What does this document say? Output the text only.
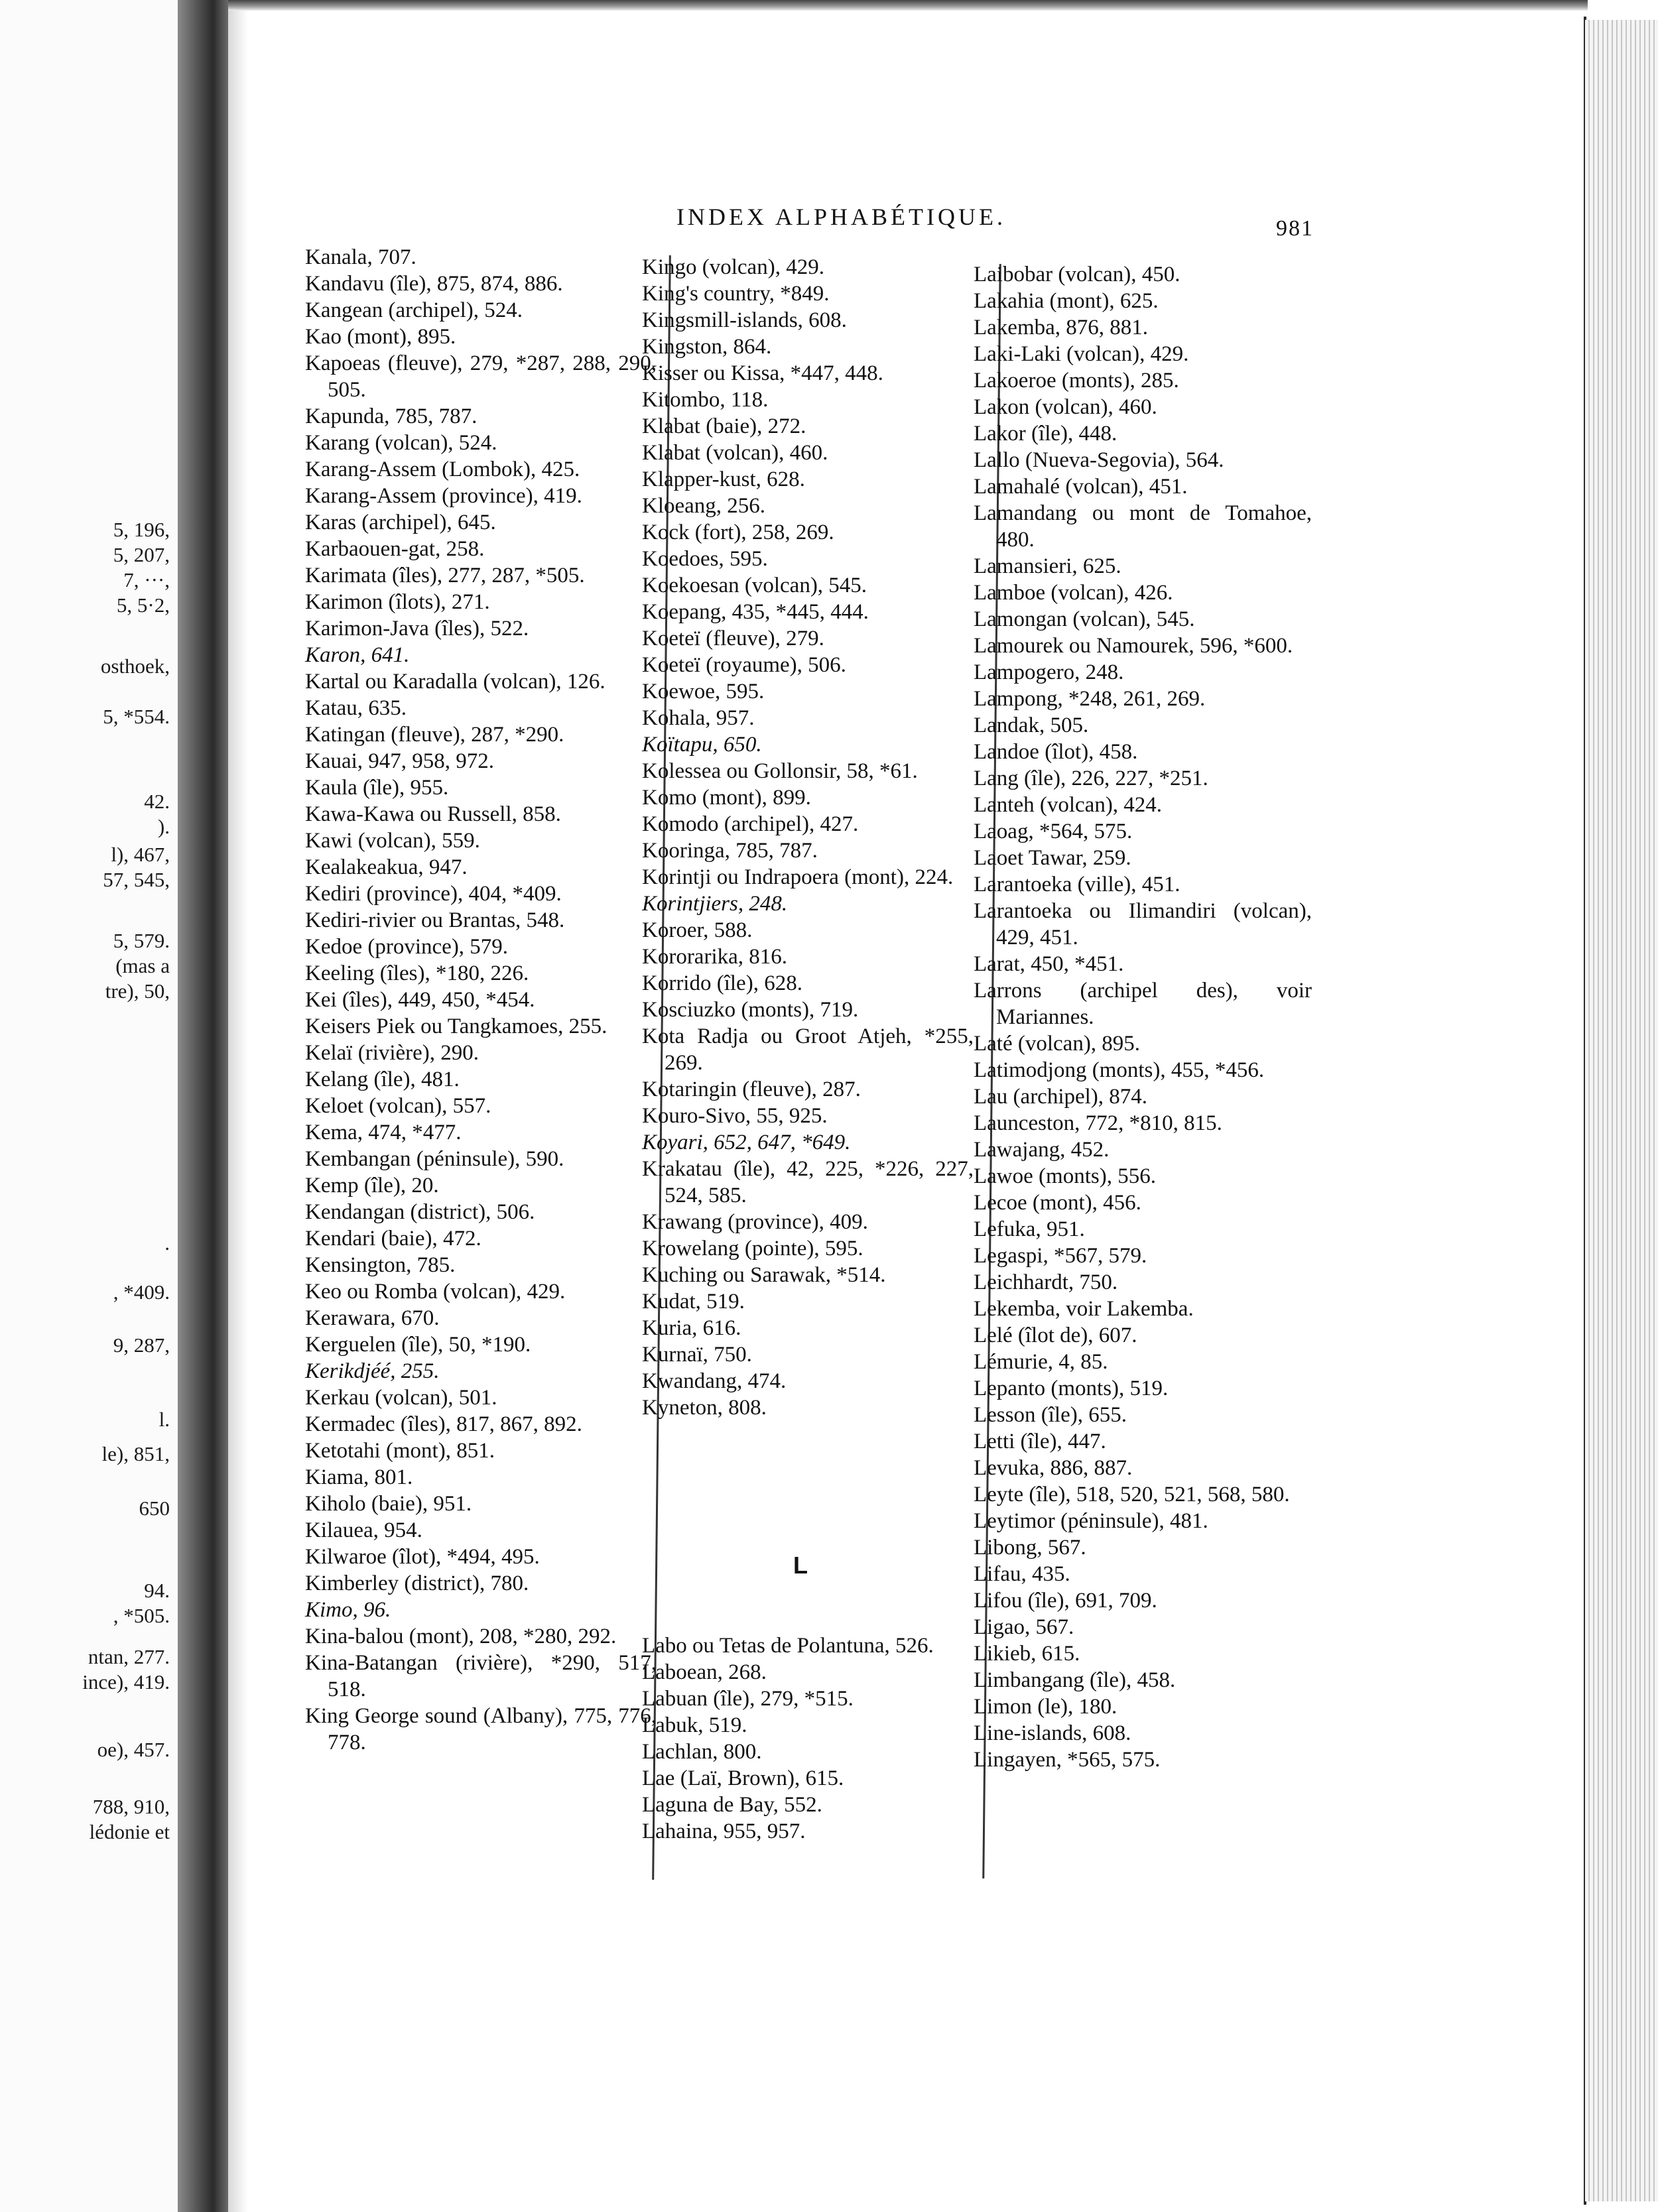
5, 196,
5, 207,
7, ···,
5, 5·2,
osthoek,
5, *554.
42.
).
l), 467,
57, 545,
5, 579.
(mas a
tre), 50,
.
, *409.
9, 287,
l.
le), 851,
650
94.
, *505.
ntan, 277.
ince), 419.
oe), 457.
788, 910,
lédonie et
INDEX ALPHABÉTIQUE.	981
Kanala, 707.
Kandavu (île), 875, 874, 886.
Kangean (archipel), 524.
Kao (mont), 895.
Kapoeas (fleuve), 279, *287, 288, 290, 505.
Kapunda, 785, 787.
Karang (volcan), 524.
Karang-Assem (Lombok), 425.
Karang-Assem (province), 419.
Karas (archipel), 645.
Karbaouen-gat, 258.
Karimata (îles), 277, 287, *505.
Karimon (îlots), 271.
Karimon-Java (îles), 522.
Karon, 641.
Kartal ou Karadalla (volcan), 126.
Katau, 635.
Katingan (fleuve), 287, *290.
Kauai, 947, 958, 972.
Kaula (île), 955.
Kawa-Kawa ou Russell, 858.
Kawi (volcan), 559.
Kealakeakua, 947.
Kediri (province), 404, *409.
Kediri-rivier ou Brantas, 548.
Kedoe (province), 579.
Keeling (îles), *180, 226.
Kei (îles), 449, 450, *454.
Keisers Piek ou Tangkamoes, 255.
Kelaï (rivière), 290.
Kelang (île), 481.
Keloet (volcan), 557.
Kema, 474, *477.
Kembangan (péninsule), 590.
Kemp (île), 20.
Kendangan (district), 506.
Kendari (baie), 472.
Kensington, 785.
Keo ou Romba (volcan), 429.
Kerawara, 670.
Kerguelen (île), 50, *190.
Kerikdjéé, 255.
Kerkau (volcan), 501.
Kermadec (îles), 817, 867, 892.
Ketotahi (mont), 851.
Kiama, 801.
Kiholo (baie), 951.
Kilauea, 954.
Kilwaroe (îlot), *494, 495.
Kimberley (district), 780.
Kimo, 96.
Kina-balou (mont), 208, *280, 292.
Kina-Batangan (rivière), *290, 517, 518.
King George sound (Albany), 775, 776, 778.
Kingo (volcan), 429.
King's country, *849.
Kingsmill-islands, 608.
Kingston, 864.
Kisser ou Kissa, *447, 448.
Kitombo, 118.
Klabat (baie), 272.
Klabat (volcan), 460.
Klapper-kust, 628.
Kloeang, 256.
Kock (fort), 258, 269.
Koedoes, 595.
Koekoesan (volcan), 545.
Koepang, 435, *445, 444.
Koeteï (fleuve), 279.
Koeteï (royaume), 506.
Koewoe, 595.
Kohala, 957.
Koïtapu, 650.
Kolessea ou Gollonsir, 58, *61.
Komo (mont), 899.
Komodo (archipel), 427.
Kooringa, 785, 787.
Korintji ou Indrapoera (mont), 224.
Korintjiers, 248.
Koroer, 588.
Kororarika, 816.
Korrido (île), 628.
Kosciuzko (monts), 719.
Kota Radja ou Groot Atjeh, *255, 269.
Kotaringin (fleuve), 287.
Kouro-Sivo, 55, 925.
Koyari, 652, 647, *649.
Krakatau (île), 42, 225, *226, 227, 524, 585.
Krawang (province), 409.
Krowelang (pointe), 595.
Kuching ou Sarawak, *514.
Kudat, 519.
Kuria, 616.
Kurnaï, 750.
Kwandang, 474.
Kyneton, 808.
L
Labo ou Tetas de Polantuna, 526.
Laboean, 268.
Labuan (île), 279, *515.
Labuk, 519.
Lachlan, 800.
Lae (Laï, Brown), 615.
Laguna de Bay, 552.
Lahaina, 955, 957.
Laibobar (volcan), 450.
Lakahia (mont), 625.
Lakemba, 876, 881.
Laki-Laki (volcan), 429.
Lakoeroe (monts), 285.
Lakon (volcan), 460.
Lakor (île), 448.
Lallo (Nueva-Segovia), 564.
Lamahalé (volcan), 451.
Lamandang ou mont de Tomahoe, 480.
Lamansieri, 625.
Lamboe (volcan), 426.
Lamongan (volcan), 545.
Lamourek ou Namourek, 596, *600.
Lampogero, 248.
Lampong, *248, 261, 269.
Landak, 505.
Landoe (îlot), 458.
Lang (île), 226, 227, *251.
Lanteh (volcan), 424.
Laoag, *564, 575.
Laoet Tawar, 259.
Larantoeka (ville), 451.
Larantoeka ou Ilimandiri (volcan), 429, 451.
Larat, 450, *451.
Larrons (archipel des), voir Mariannes.
Laté (volcan), 895.
Latimodjong (monts), 455, *456.
Lau (archipel), 874.
Launceston, 772, *810, 815.
Lawajang, 452.
Lawoe (monts), 556.
Lecoe (mont), 456.
Lefuka, 951.
Legaspi, *567, 579.
Leichhardt, 750.
Lekemba, voir Lakemba.
Lelé (îlot de), 607.
Lémurie, 4, 85.
Lepanto (monts), 519.
Lesson (île), 655.
Letti (île), 447.
Levuka, 886, 887.
Leyte (île), 518, 520, 521, 568, 580.
Leytimor (péninsule), 481.
Libong, 567.
Lifau, 435.
Lifou (île), 691, 709.
Ligao, 567.
Likieb, 615.
Limbangang (île), 458.
Limon (le), 180.
Line-islands, 608.
Lingayen, *565, 575.
